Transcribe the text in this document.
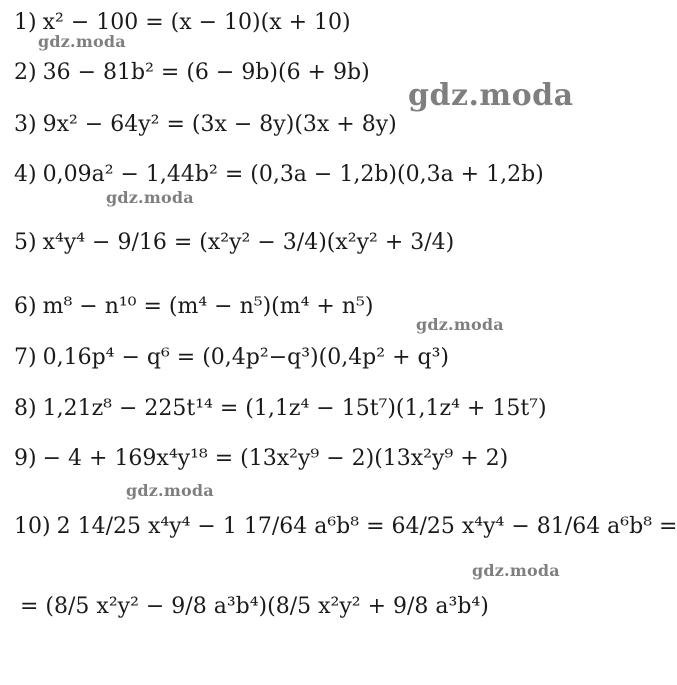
1) x² − 100 = (x − 10)(x + 10)
2) 36 − 81b² = (6 − 9b)(6 + 9b)
3) 9x² − 64y² = (3x − 8y)(3x + 8y)
4) 0,09a² − 1,44b² = (0,3a − 1,2b)(0,3a + 1,2b)
5) x⁴y⁴ − 9/16 = (x²y² − 3/4)(x²y² + 3/4)
6) m⁸ − n¹⁰ = (m⁴ − n⁵)(m⁴ + n⁵)
7) 0,16p⁴ − q⁶ = (0,4p²−q³)(0,4p² + q³)
8) 1,21z⁸ − 225t¹⁴ = (1,1z⁴ − 15t⁷)(1,1z⁴ + 15t⁷)
9) − 4 + 169x⁴y¹⁸ = (13x²y⁹ − 2)(13x²y⁹ + 2)
10) 2 14/25 x⁴y⁴ − 1 17/64 a⁶b⁸ = 64/25 x⁴y⁴ − 81/64 a⁶b⁸ =
= (8/5 x²y² − 9/8 a³b⁴)(8/5 x²y² + 9/8 a³b⁴)
gdz.moda
gdz.moda
gdz.moda
gdz.moda
gdz.moda
gdz.moda
